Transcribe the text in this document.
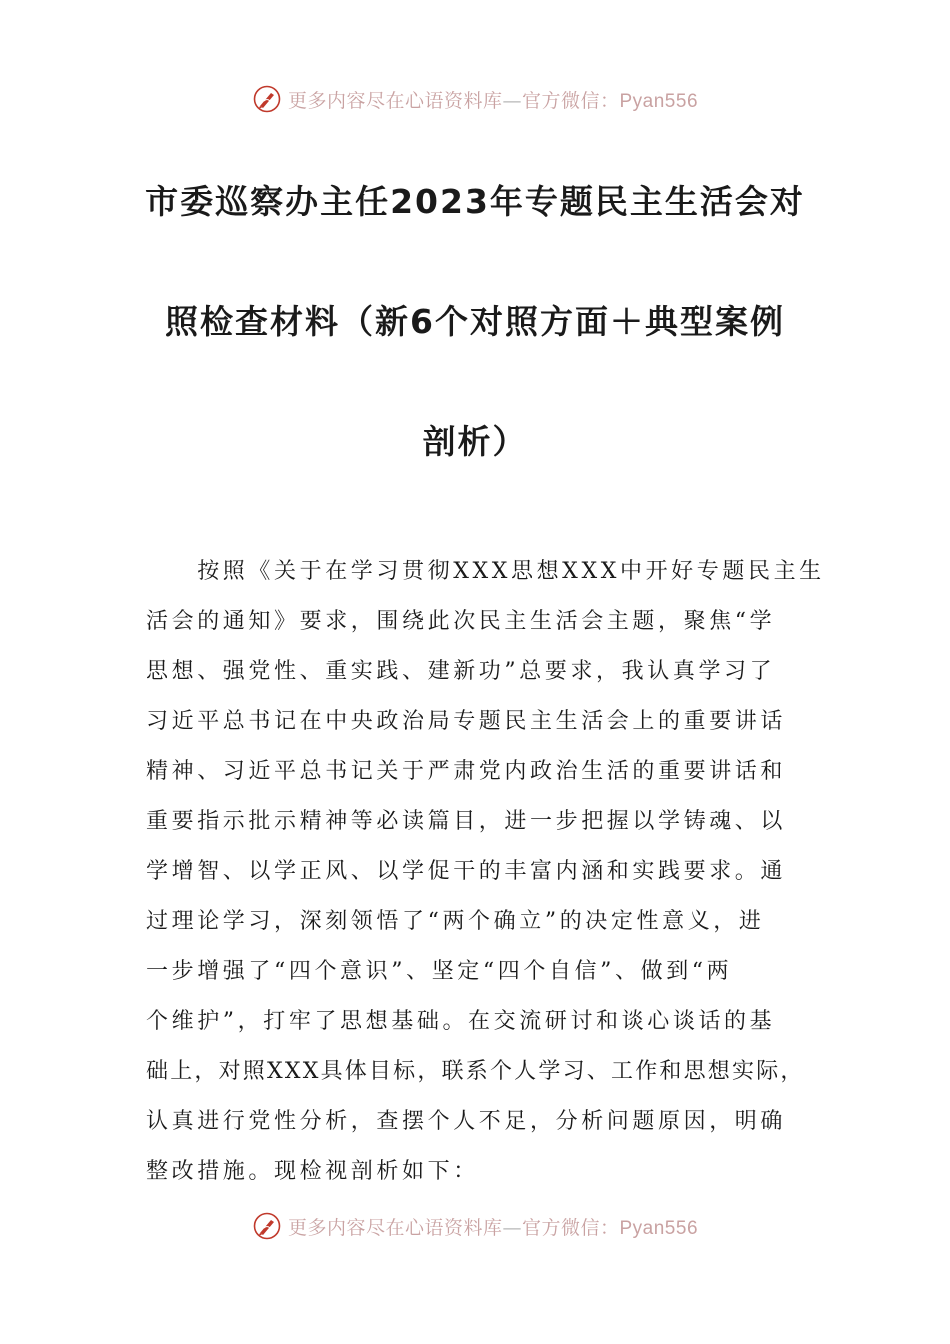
更多内容尽在心语资料库—官方微信：Pyan556
市委巡察办主任2023年专题民主生活会对
照检查材料（新6个对照方面＋典型案例
剖析）
　　按照《关于在学习贯彻XXX思想XXX中开好专题民主生
活会的通知》要求，围绕此次民主生活会主题，聚焦“学
思想、强党性、重实践、建新功”总要求，我认真学习了
习近平总书记在中央政治局专题民主生活会上的重要讲话
精神、习近平总书记关于严肃党内政治生活的重要讲话和
重要指示批示精神等必读篇目，进一步把握以学铸魂、以
学增智、以学正风、以学促干的丰富内涵和实践要求。通
过理论学习，深刻领悟了“两个确立”的决定性意义，进
一步增强了“四个意识”、坚定“四个自信”、做到“两
个维护”，打牢了思想基础。在交流研讨和谈心谈话的基
础上，对照XXX具体目标，联系个人学习、工作和思想实际，
认真进行党性分析，查摆个人不足，分析问题原因，明确
整改措施。现检视剖析如下：
更多内容尽在心语资料库—官方微信：Pyan556
